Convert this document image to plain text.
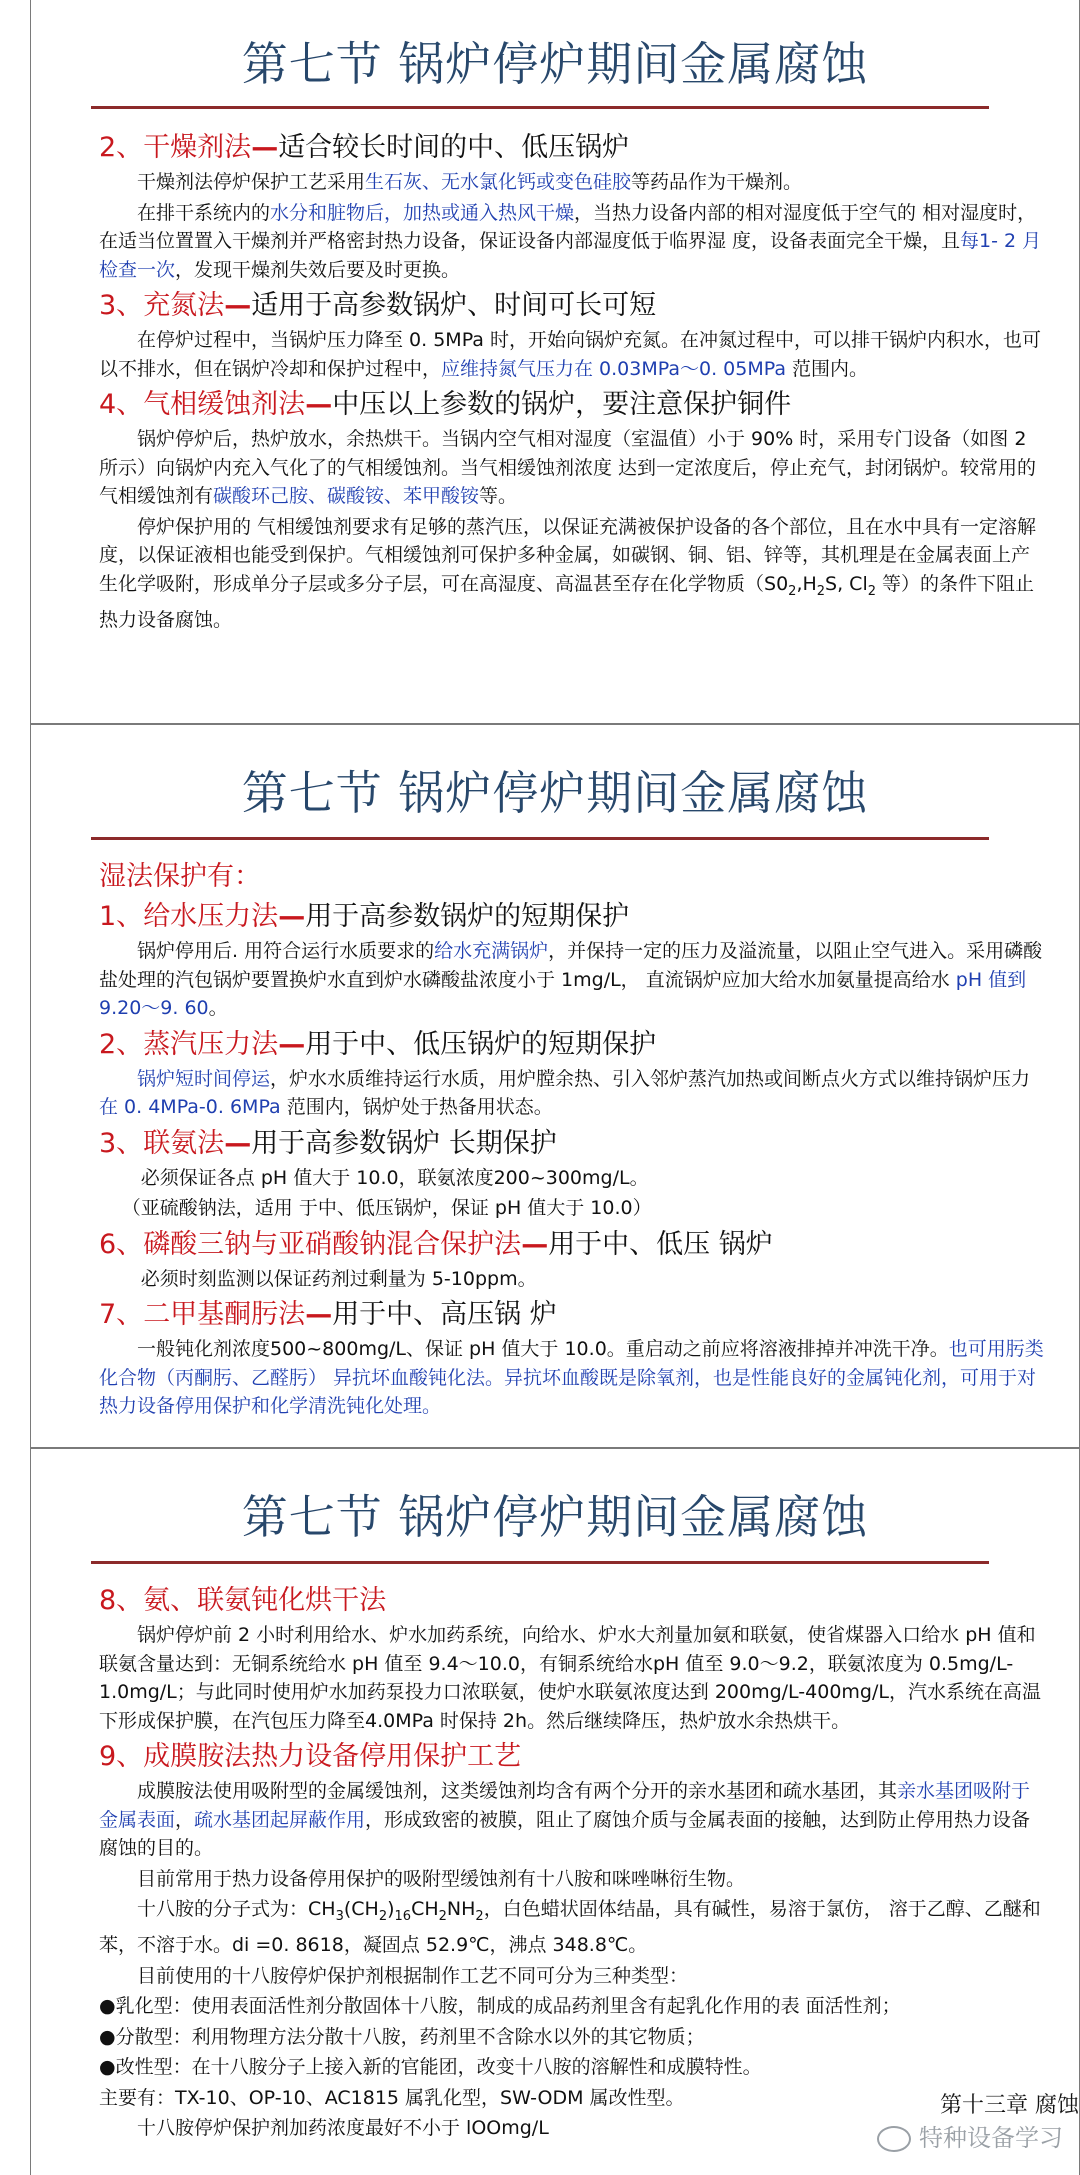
第七节 锅炉停炉期间金属腐蚀
2、干燥剂法—适合较长时间的中、低压锅炉
干燥剂法停炉保护工艺采用生石灰、无水氯化钙或变色硅胶等药品作为干燥剂。
在排干系统内的水分和脏物后，加热或通入热风干燥，当热力设备内部的相对湿度低于空气的 相对湿度时，在适当位置置入干燥剂并严格密封热力设备，保证设备内部湿度低于临界湿 度，设备表面完全干燥，且每1- 2 月检查一次，发现干燥剂失效后要及时更换。
3、充氮法—适用于高参数锅炉、时间可长可短
在停炉过程中，当锅炉压力降至 0. 5MPa 时，开始向锅炉充氮。在冲氮过程中，可以排干锅炉内积水，也可以不排水，但在锅炉冷却和保护过程中，应维持氮气压力在 0.03MPa～0. 05MPa 范围内。
4、气相缓蚀剂法—中压以上参数的锅炉，要注意保护铜件
锅炉停炉后，热炉放水，余热烘干。当锅内空气相对湿度（室温值）小于 90% 时，采用专门设备（如图 2 所示）向锅炉内充入气化了的气相缓蚀剂。当气相缓蚀剂浓度 达到一定浓度后，停止充气，封闭锅炉。较常用的气相缓蚀剂有碳酸环己胺、碳酸铵、苯甲酸铵等。
停炉保护用的 气相缓蚀剂要求有足够的蒸汽压，以保证充满被保护设备的各个部位，且在水中具有一定溶解度，以保证液相也能受到保护。气相缓蚀剂可保护多种金属，如碳钢、铜、铝、锌等，其机理是在金属表面上产生化学吸附，形成单分子层或多分子层，可在高湿度、高温甚至存在化学物质（$S0_2,H_2S$, $Cl_2$ 等）的条件下阻止热力设备腐蚀。
第七节 锅炉停炉期间金属腐蚀
湿法保护有：
1、给水压力法—用于高参数锅炉的短期保护
锅炉停用后. 用符合运行水质要求的给水充满锅炉，并保持一定的压力及溢流量，以阻止空气进入。采用磷酸盐处理的汽包锅炉要置换炉水直到炉水磷酸盐浓度小于 1mg/L， 直流锅炉应加大给水加氨量提高给水 pH 值到 9.20～9. 60。
2、蒸汽压力法—用于中、低压锅炉的短期保护
锅炉短时间停运，炉水水质维持运行水质，用炉膛余热、引入邻炉蒸汽加热或间断点火方式以维持锅炉压力在 0. 4MPa-0. 6MPa 范围内，锅炉处于热备用状态。
3、联氨法—用于高参数锅炉 长期保护
必须保证各点 pH 值大于 10.0，联氨浓度200~300mg/L。
（亚硫酸钠法，适用 于中、低压锅炉，保证 pH 值大于 10.0）
6、磷酸三钠与亚硝酸钠混合保护法—用于中、低压 锅炉
必须时刻监测以保证药剂过剩量为 5-10ppm。
7、二甲基酮肟法—用于中、高压锅 炉
一般钝化剂浓度500~800mg/L、保证 pH 值大于 10.0。重启动之前应将溶液排掉并冲洗干净。也可用肟类化合物（丙酮肟、乙醛肟） 异抗坏血酸钝化法。异抗坏血酸既是除氧剂，也是性能良好的金属钝化剂，可用于对热力设备停用保护和化学清洗钝化处理。
第七节 锅炉停炉期间金属腐蚀
8、氨、联氨钝化烘干法
锅炉停炉前 2 小时利用给水、炉水加药系统，向给水、炉水大剂量加氨和联氨，使省煤器入口给水 pH 值和联氨含量达到：无铜系统给水 pH 值至 9.4～10.0，有铜系统给水pH 值至 9.0～9.2，联氨浓度为 0.5mg/L-1.0mg/L；与此同时使用炉水加药泵投力口浓联氨，使炉水联氨浓度达到 200mg/L-400mg/L，汽水系统在高温下形成保护膜，在汽包压力降至4.0MPa 时保持 2h。然后继续降压，热炉放水余热烘干。
9、成膜胺法热力设备停用保护工艺
成膜胺法使用吸附型的金属缓蚀剂，这类缓蚀剂均含有两个分开的亲水基团和疏水基团，其亲水基团吸附于金属表面，疏水基团起屏蔽作用，形成致密的被膜，阻止了腐蚀介质与金属表面的接触，达到防止停用热力设备腐蚀的目的。
目前常用于热力设备停用保护的吸附型缓蚀剂有十八胺和咪唑啉衍生物。
十八胺的分子式为：$CH_3(CH_2)_{16}CH_2NH_2$，白色蜡状固体结晶，具有碱性，易溶于氯仿， 溶于乙醇、乙醚和苯，不溶于水。di =0. 8618，凝固点 52.9℃，沸点 348.8℃。
目前使用的十八胺停炉保护剂根据制作工艺不同可分为三种类型：
●乳化型：使用表面活性剂分散固体十八胺，制成的成品药剂里含有起乳化作用的表 面活性剂；
●分散型：利用物理方法分散十八胺，药剂里不含除水以外的其它物质；
●改性型：在十八胺分子上接入新的官能团，改变十八胺的溶解性和成膜特性。
主要有：TX-10、OP-10、AC1815 属乳化型，SW-ODM 属改性型。
十八胺停炉保护剂加药浓度最好不小于 lOOmg/L
第十三章 腐蚀
特种设备学习
